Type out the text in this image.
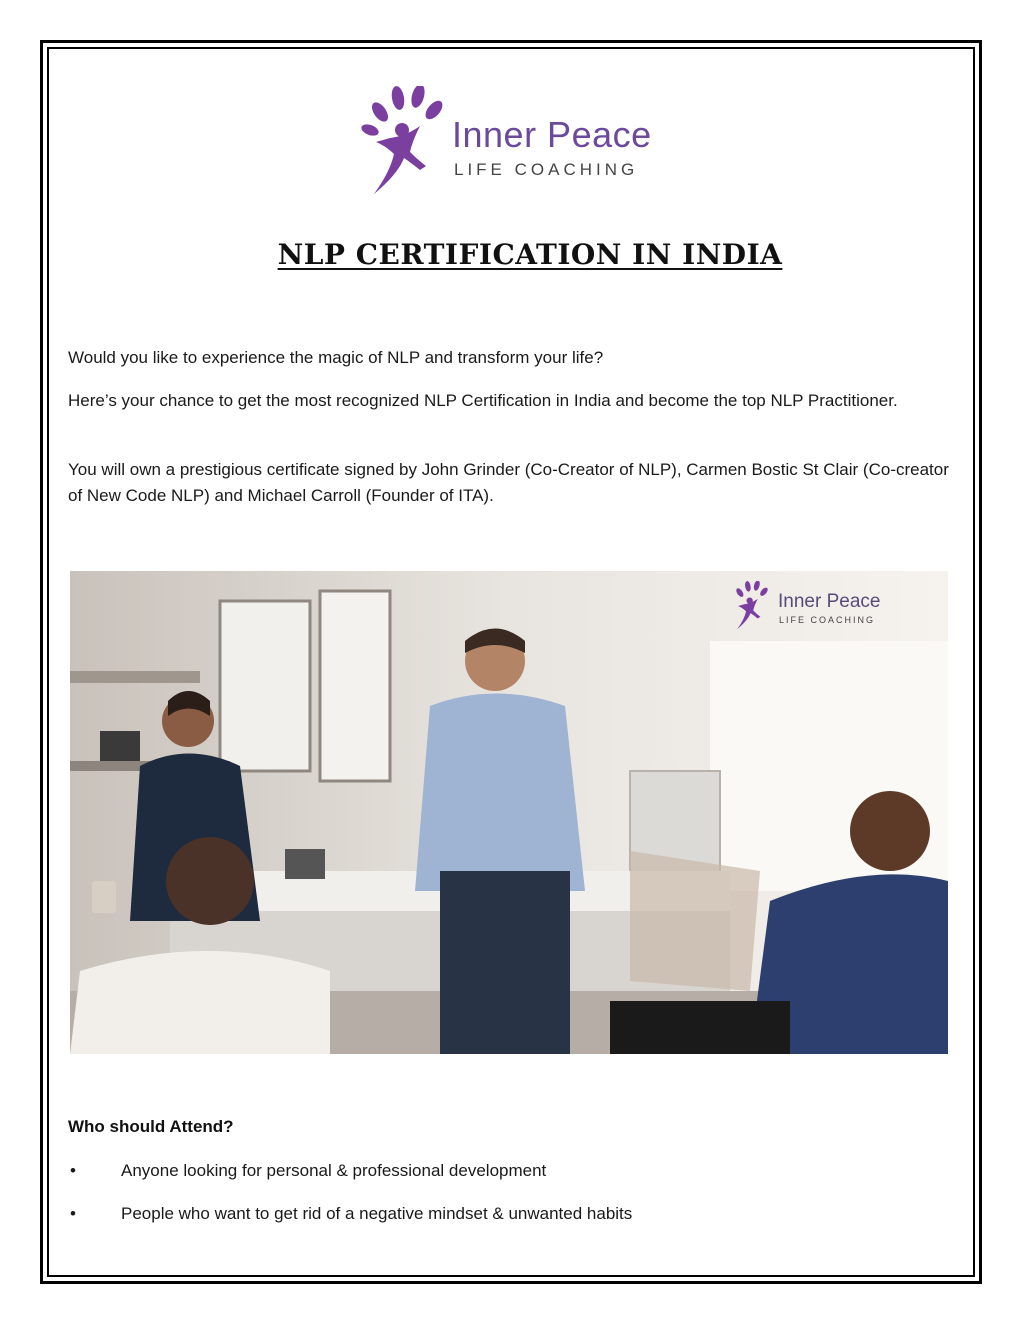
Inner Peace
LIFE COACHING
NLP CERTIFICATION IN INDIA
Would you like to experience the magic of NLP and transform your life?
Here’s your chance to get the most recognized NLP Certification in India and become the top NLP Practitioner.
You will own a prestigious certificate signed by John Grinder (Co-Creator of NLP), Carmen Bostic St Clair (Co-creator of New Code NLP) and Michael Carroll (Founder of ITA).
Inner Peace
LIFE COACHING
Who should Attend?
•	Anyone looking for personal & professional development
•	People who want to get rid of a negative mindset & unwanted habits
